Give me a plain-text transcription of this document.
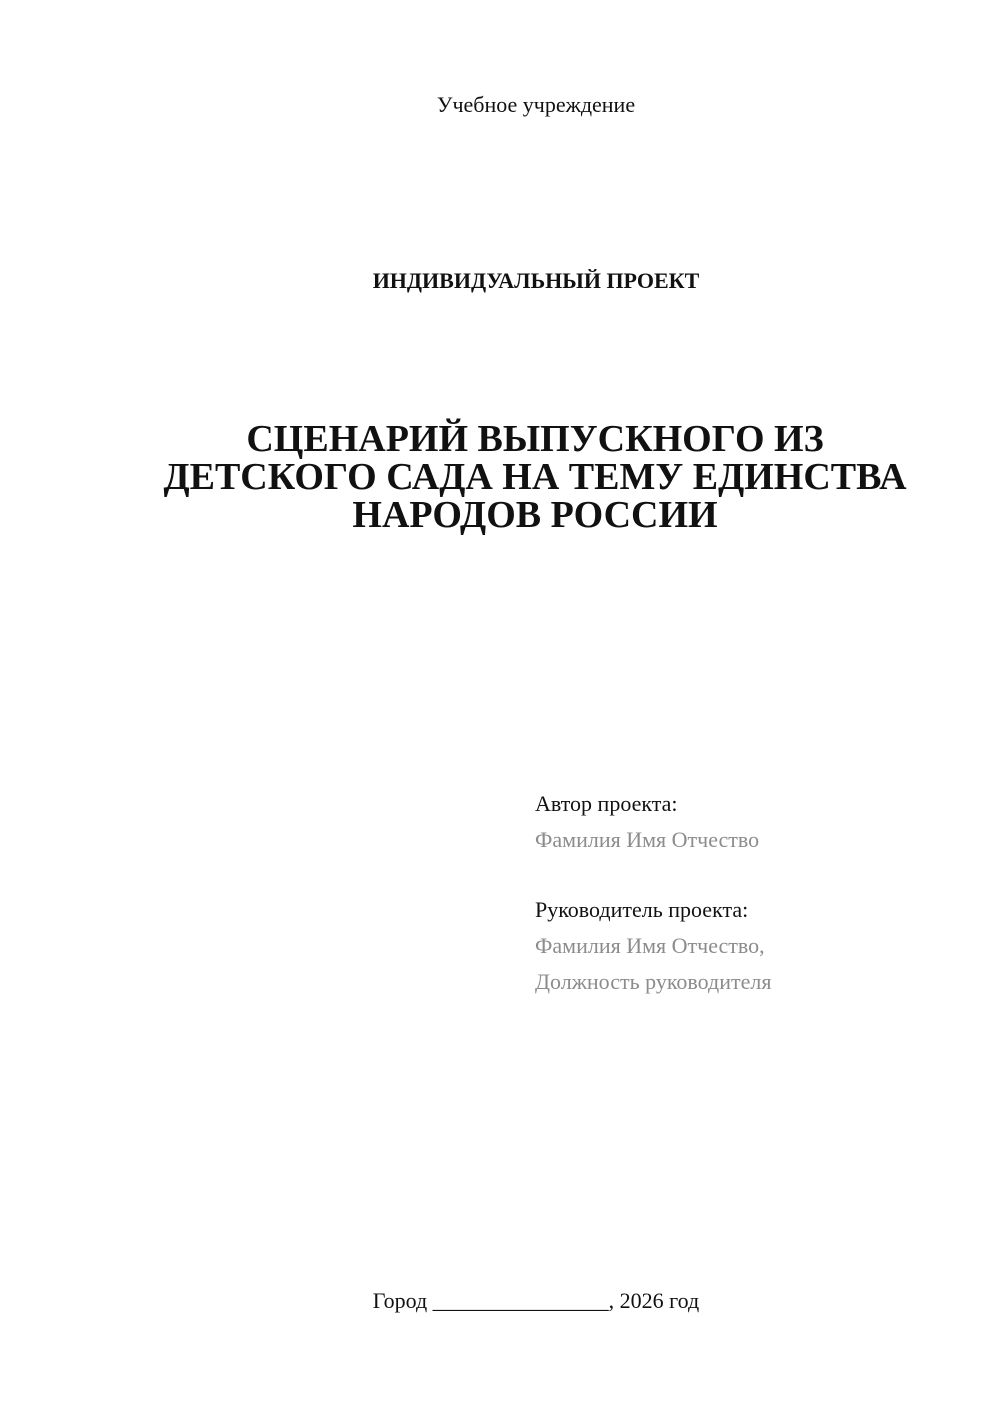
Учебное учреждение
ИНДИВИДУАЛЬНЫЙ ПРОЕКТ
СЦЕНАРИЙ ВЫПУСКНОГО ИЗ
ДЕТСКОГО САДА НА ТЕМУ ЕДИНСТВА
НАРОДОВ РОССИИ
Автор проекта:
Фамилия Имя Отчество
Руководитель проекта:
Фамилия Имя Отчество,
Должность руководителя
Город ________________, 2026 год
